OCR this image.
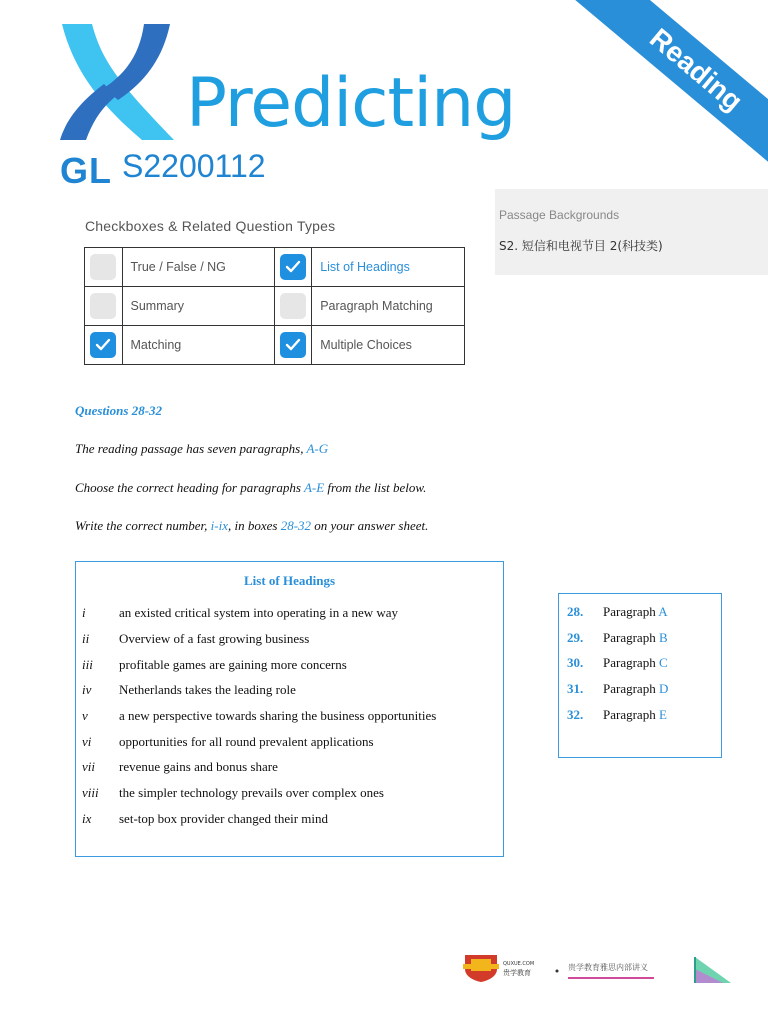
Predicting
GL S2200112
Reading
Passage Backgrounds
S2. 短信和电视节目 2(科技类)
Checkboxes & Related Question Types
	True / False / NG		List of Headings
	Summary		Paragraph Matching

	Matching		Multiple Choices
Questions 28-32
The reading passage has seven paragraphs, A-G
Choose the correct heading for paragraphs A-E from the list below.
Write the correct number, i-ix, in boxes 28-32 on your answer sheet.
List of Headings
i	an existed critical system into operating in a new way
ii Overview of a fast growing business
iii profitable games are gaining more concerns
iv Netherlands takes the leading role
v a new perspective towards sharing the business opportunities
vi opportunities for all round prevalent applications
vii revenue gains and bonus share
viii the simpler technology prevails over complex ones
ix set-top box provider changed their mind
28. Paragraph A
29. Paragraph B
30. Paragraph C
31. Paragraph D
32. Paragraph E
QUXUE.COM
贵学教育
贵学教育雅思内部讲义
